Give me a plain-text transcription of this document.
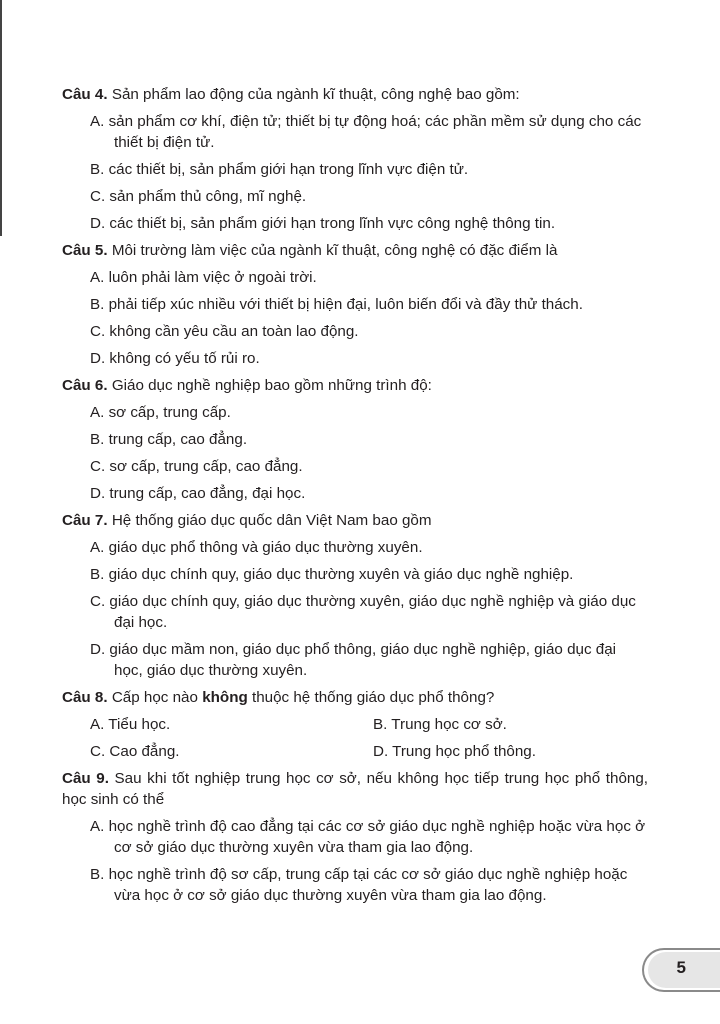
Câu 4. Sản phẩm lao động của ngành kĩ thuật, công nghệ bao gồm:
A. sản phẩm cơ khí, điện tử; thiết bị tự động hoá; các phần mềm sử dụng cho các thiết bị điện tử.
B. các thiết bị, sản phẩm giới hạn trong lĩnh vực điện tử.
C. sản phẩm thủ công, mĩ nghệ.
D. các thiết bị, sản phẩm giới hạn trong lĩnh vực công nghệ thông tin.
Câu 5. Môi trường làm việc của ngành kĩ thuật, công nghệ có đặc điểm là
A. luôn phải làm việc ở ngoài trời.
B. phải tiếp xúc nhiều với thiết bị hiện đại, luôn biến đổi và đầy thử thách.
C. không cần yêu cầu an toàn lao động.
D. không có yếu tố rủi ro.
Câu 6. Giáo dục nghề nghiệp bao gồm những trình độ:
A. sơ cấp, trung cấp.
B. trung cấp, cao đẳng.
C. sơ cấp, trung cấp, cao đẳng.
D. trung cấp, cao đẳng, đại học.
Câu 7. Hệ thống giáo dục quốc dân Việt Nam bao gồm
A. giáo dục phổ thông và giáo dục thường xuyên.
B. giáo dục chính quy, giáo dục thường xuyên và giáo dục nghề nghiệp.
C. giáo dục chính quy, giáo dục thường xuyên, giáo dục nghề nghiệp và giáo dục đại học.
D. giáo dục mầm non, giáo dục phổ thông, giáo dục nghề nghiệp, giáo dục đại học, giáo dục thường xuyên.
Câu 8. Cấp học nào không thuộc hệ thống giáo dục phổ thông?
A. Tiểu học.	B. Trung học cơ sở.
C. Cao đẳng.	D. Trung học phổ thông.
Câu 9. Sau khi tốt nghiệp trung học cơ sở, nếu không học tiếp trung học phổ thông, học sinh có thể
A. học nghề trình độ cao đẳng tại các cơ sở giáo dục nghề nghiệp hoặc vừa học ở cơ sở giáo dục thường xuyên vừa tham gia lao động.
B. học nghề trình độ sơ cấp, trung cấp tại các cơ sở giáo dục nghề nghiệp hoặc vừa học ở cơ sở giáo dục thường xuyên vừa tham gia lao động.
5
